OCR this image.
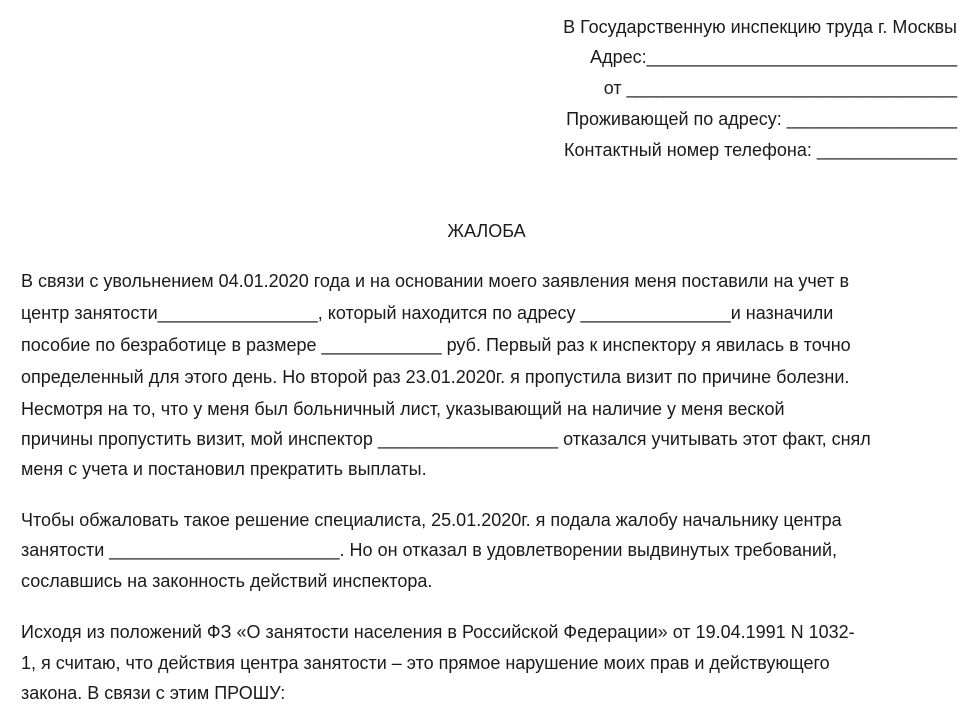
В Государственную инспекцию труда г. Москвы
Адрес:_______________________________
от _________________________________
Проживающей по адресу: _________________
Контактный номер телефона: ______________
ЖАЛОБА
В связи с увольнением 04.01.2020 года и на основании моего заявления меня поставили на учет в
центр занятости________________, который находится по адресу _______________и назначили
пособие по безработице в размере ____________ руб. Первый раз к инспектору я явилась в точно
определенный для этого день. Но второй раз 23.01.2020г. я пропустила визит по причине болезни.
Несмотря на то, что у меня был больничный лист, указывающий на наличие у меня веской
причины пропустить визит, мой инспектор __________________ отказался учитывать этот факт, снял
меня с учета и постановил прекратить выплаты.
Чтобы обжаловать такое решение специалиста, 25.01.2020г. я подала жалобу начальнику центра
занятости _______________________. Но он отказал в удовлетворении выдвинутых требований,
сославшись на законность действий инспектора.
Исходя из положений ФЗ «О занятости населения в Российской Федерации» от 19.04.1991 N 1032-
1, я считаю, что действия центра занятости – это прямое нарушение моих прав и действующего
закона. В связи с этим ПРОШУ:
